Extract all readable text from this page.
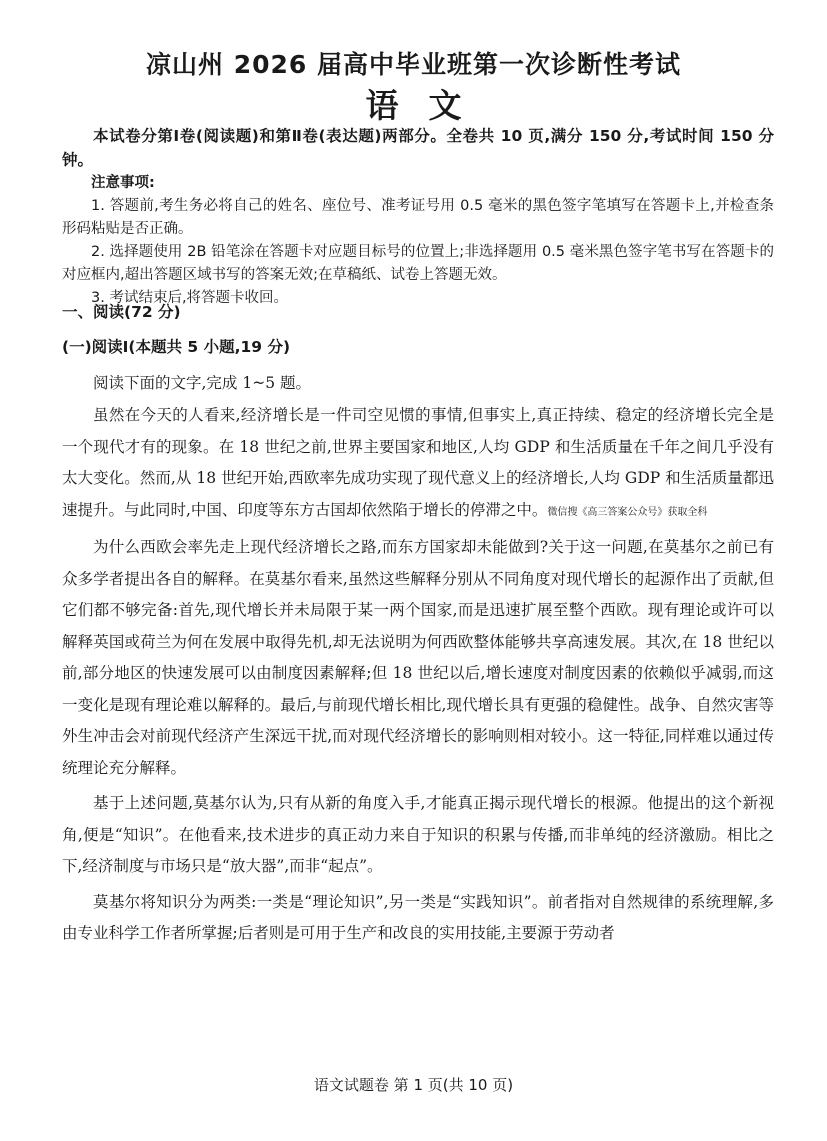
凉山州 2026 届高中毕业班第一次诊断性考试
语文

本试卷分第Ⅰ卷(阅读题)和第Ⅱ卷(表达题)两部分。全卷共 10 页,满分 150 分,考试时间 150 分钟。

注意事项:

1. 答题前,考生务必将自己的姓名、座位号、准考证号用 0.5 毫米的黑色签字笔填写在答题卡上,并检查条形码粘贴是否正确。

2. 选择题使用 2B 铅笔涂在答题卡对应题目标号的位置上;非选择题用 0.5 毫米黑色签字笔书写在答题卡的对应框内,超出答题区域书写的答案无效;在草稿纸、试卷上答题无效。

3. 考试结束后,将答题卡收回。

一、阅读(72 分)
(一)阅读Ⅰ(本题共 5 小题,19 分)
阅读下面的文字,完成 1~5 题。

虽然在今天的人看来,经济增长是一件司空见惯的事情,但事实上,真正持续、稳定的经济增长完全是一个现代才有的现象。在 18 世纪之前,世界主要国家和地区,人均 GDP 和生活质量在千年之间几乎没有太大变化。然而,从 18 世纪开始,西欧率先成功实现了现代意义上的经济增长,人均 GDP 和生活质量都迅速提升。与此同时,中国、印度等东方古国却依然陷于增长的停滞之中。微信搜《高三答案公众号》获取全科

为什么西欧会率先走上现代经济增长之路,而东方国家却未能做到?关于这一问题,在莫基尔之前已有众多学者提出各自的解释。在莫基尔看来,虽然这些解释分别从不同角度对现代增长的起源作出了贡献,但它们都不够完备:首先,现代增长并未局限于某一两个国家,而是迅速扩展至整个西欧。现有理论或许可以解释英国或荷兰为何在发展中取得先机,却无法说明为何西欧整体能够共享高速发展。其次,在 18 世纪以前,部分地区的快速发展可以由制度因素解释;但 18 世纪以后,增长速度对制度因素的依赖似乎减弱,而这一变化是现有理论难以解释的。最后,与前现代增长相比,现代增长具有更强的稳健性。战争、自然灾害等外生冲击会对前现代经济产生深远干扰,而对现代经济增长的影响则相对较小。这一特征,同样难以通过传统理论充分解释。

基于上述问题,莫基尔认为,只有从新的角度入手,才能真正揭示现代增长的根源。他提出的这个新视角,便是“知识”。在他看来,技术进步的真正动力来自于知识的积累与传播,而非单纯的经济激励。相比之下,经济制度与市场只是“放大器”,而非“起点”。

莫基尔将知识分为两类:一类是“理论知识”,另一类是“实践知识”。前者指对自然规律的系统理解,多由专业科学工作者所掌握;后者则是可用于生产和改良的实用技能,主要源于劳动者

语文试题卷 第 1 页(共 10 页)
